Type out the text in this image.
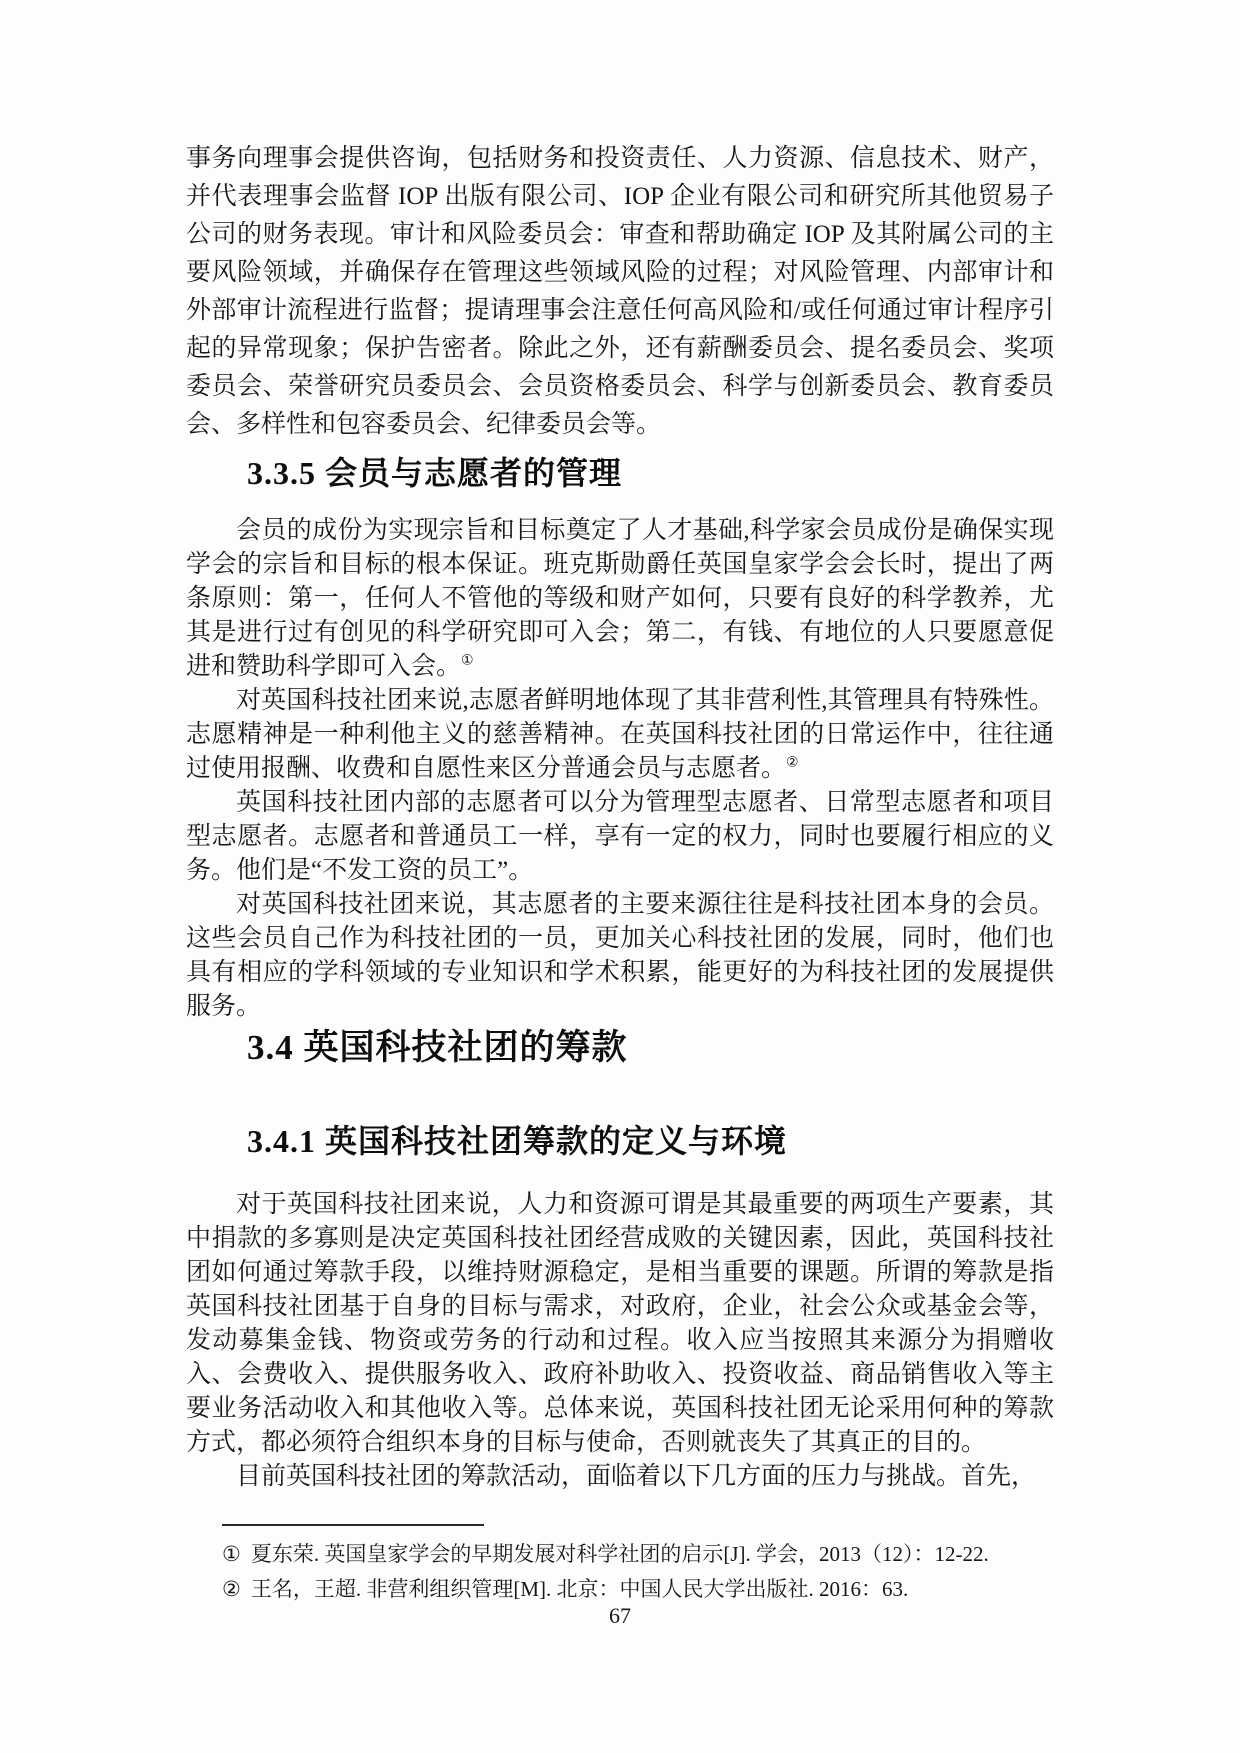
事务向理事会提供咨询，包括财务和投资责任、人力资源、信息技术、财产，并代表理事会监督 IOP 出版有限公司、IOP 企业有限公司和研究所其他贸易子公司的财务表现。审计和风险委员会：审查和帮助确定 IOP 及其附属公司的主要风险领域，并确保存在管理这些领域风险的过程；对风险管理、内部审计和外部审计流程进行监督；提请理事会注意任何高风险和/或任何通过审计程序引起的异常现象；保护告密者。除此之外，还有薪酬委员会、提名委员会、奖项委员会、荣誉研究员委员会、会员资格委员会、科学与创新委员会、教育委员会、多样性和包容委员会、纪律委员会等。

3.3.5 会员与志愿者的管理

会员的成份为实现宗旨和目标奠定了人才基础,科学家会员成份是确保实现学会的宗旨和目标的根本保证。班克斯勋爵任英国皇家学会会长时，提出了两条原则：第一，任何人不管他的等级和财产如何，只要有良好的科学教养，尤其是进行过有创见的科学研究即可入会；第二，有钱、有地位的人只要愿意促进和赞助科学即可入会。①

对英国科技社团来说,志愿者鲜明地体现了其非营利性,其管理具有特殊性。志愿精神是一种利他主义的慈善精神。在英国科技社团的日常运作中，往往通过使用报酬、收费和自愿性来区分普通会员与志愿者。②

英国科技社团内部的志愿者可以分为管理型志愿者、日常型志愿者和项目型志愿者。志愿者和普通员工一样，享有一定的权力，同时也要履行相应的义务。他们是“不发工资的员工”。

对英国科技社团来说，其志愿者的主要来源往往是科技社团本身的会员。这些会员自己作为科技社团的一员，更加关心科技社团的发展，同时，他们也具有相应的学科领域的专业知识和学术积累，能更好的为科技社团的发展提供服务。

3.4 英国科技社团的筹款
3.4.1 英国科技社团筹款的定义与环境

对于英国科技社团来说，人力和资源可谓是其最重要的两项生产要素，其中捐款的多寡则是决定英国科技社团经营成败的关键因素，因此，英国科技社团如何通过筹款手段，以维持财源稳定，是相当重要的课题。所谓的筹款是指英国科技社团基于自身的目标与需求，对政府，企业，社会公众或基金会等，发动募集金钱、物资或劳务的行动和过程。收入应当按照其来源分为捐赠收入、会费收入、提供服务收入、政府补助收入、投资收益、商品销售收入等主要业务活动收入和其他收入等。总体来说，英国科技社团无论采用何种的筹款方式，都必须符合组织本身的目标与使命，否则就丧失了其真正的目的。

目前英国科技社团的筹款活动，面临着以下几方面的压力与挑战。首先，

① 夏东荣. 英国皇家学会的早期发展对科学社团的启示[J]. 学会，2013（12）：12-22.
② 王名，王超. 非营利组织管理[M]. 北京：中国人民大学出版社. 2016：63.
67
